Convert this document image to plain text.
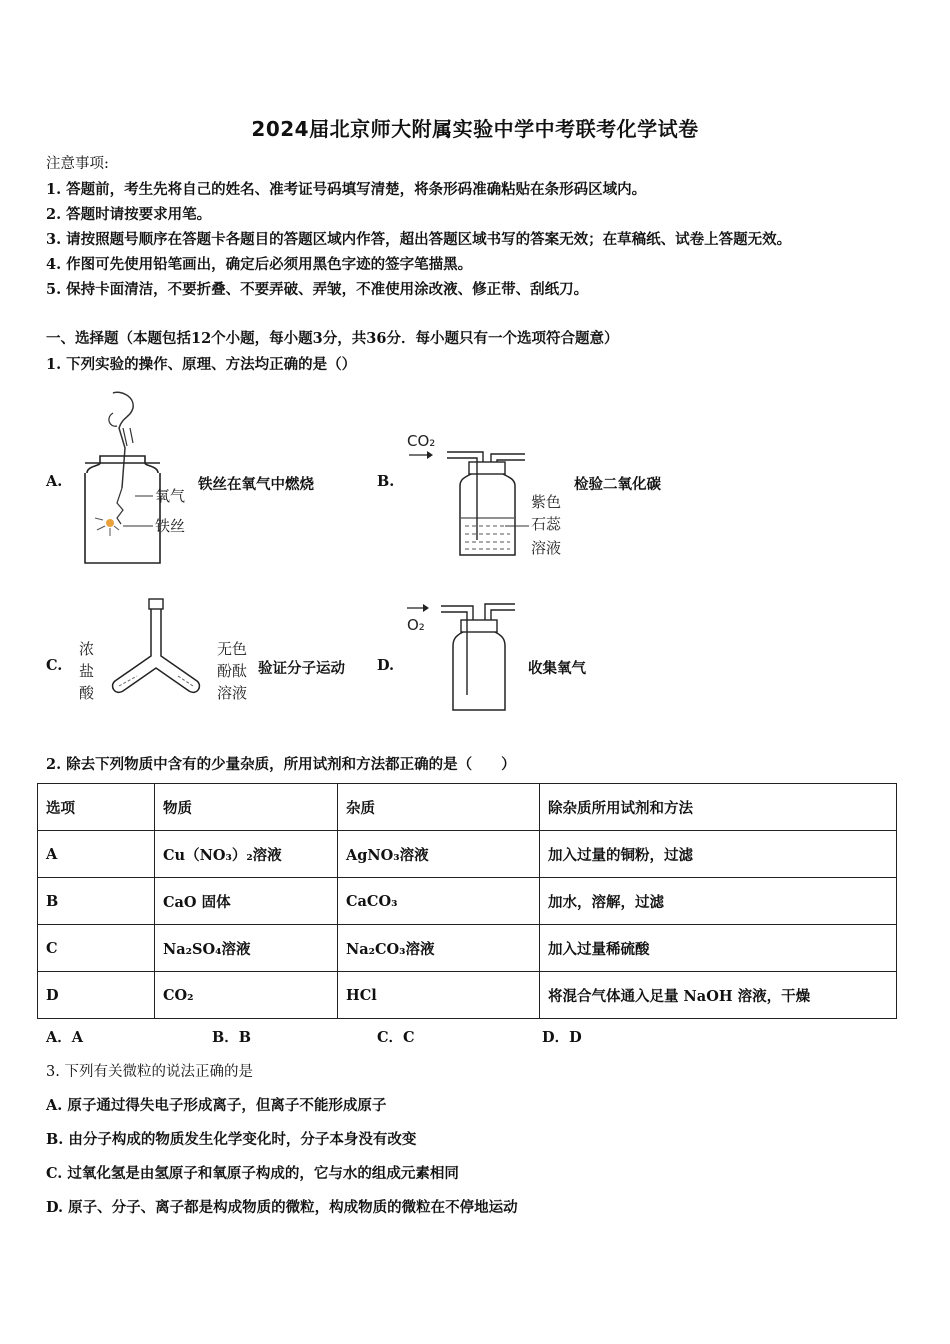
2024届北京师大附属实验中学中考联考化学试卷
注意事项:
1. 答题前，考生先将自己的姓名、准考证号码填写清楚，将条形码准确粘贴在条形码区域内。
2. 答题时请按要求用笔。
3. 请按照题号顺序在答题卡各题目的答题区域内作答，超出答题区域书写的答案无效；在草稿纸、试卷上答题无效。
4. 作图可先使用铅笔画出，确定后必须用黑色字迹的签字笔描黑。
5. 保持卡面清洁，不要折叠、不要弄破、弄皱，不准使用涂改液、修正带、刮纸刀。
一、选择题（本题包括12个小题，每小题3分，共36分．每小题只有一个选项符合题意）
1. 下列实验的操作、原理、方法均正确的是（）
A.
氧气
铁丝
铁丝在氧气中燃烧	B.
CO₂
紫色
石蕊
溶液
检验二氧化碳
C.
浓
盐
酸
无色
酚酞
溶液
验证分子运动 D.
O₂
收集氧气
2. 除去下列物质中含有的少量杂质，所用试剂和方法都正确的是（　　）
选项	物质	杂质	除杂质所用试剂和方法
A	Cu（NO₃）₂溶液	AgNO₃溶液	加入过量的铜粉，过滤
B	CaO 固体	CaCO₃	加水，溶解，过滤
C	Na₂SO₄溶液	Na₂CO₃溶液	加入过量稀硫酸
D	CO₂	HCl	将混合气体通入足量 NaOH 溶液，干燥
A．A	B．B	C．C	D．D
3. 下列有关微粒的说法正确的是
A. 原子通过得失电子形成离子，但离子不能形成原子
B. 由分子构成的物质发生化学变化时，分子本身没有改变
C. 过氧化氢是由氢原子和氧原子构成的，它与水的组成元素相同
D. 原子、分子、离子都是构成物质的微粒，构成物质的微粒在不停地运动
